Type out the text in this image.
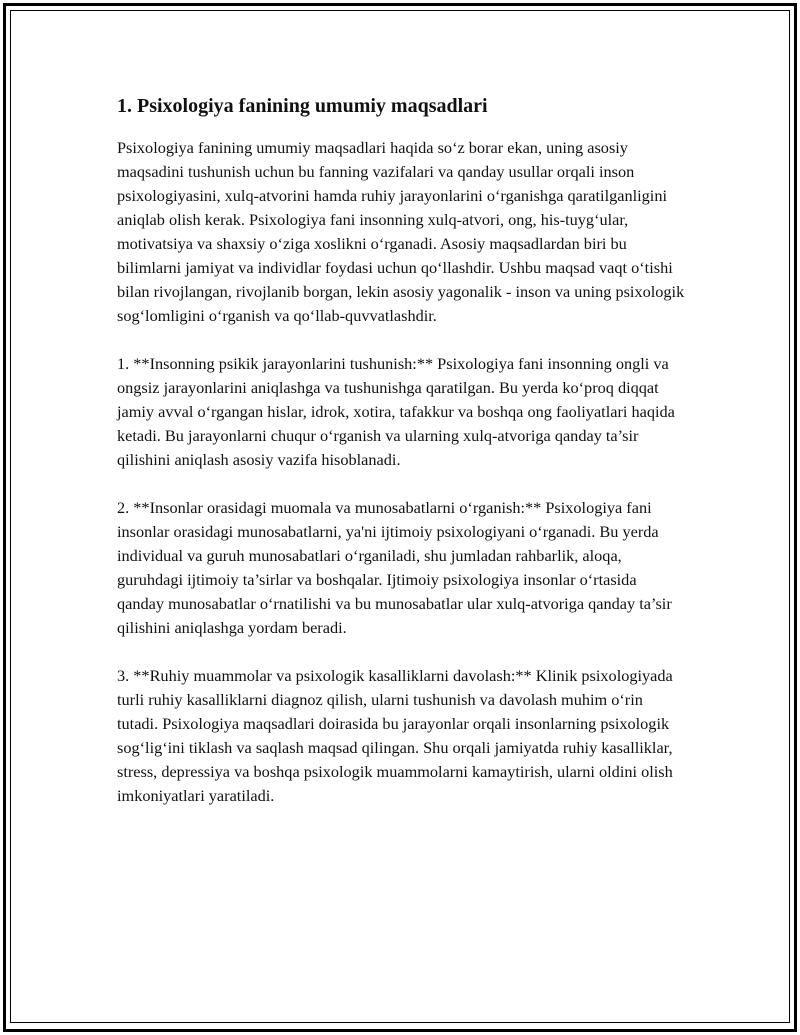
1. Psixologiya fanining umumiy maqsadlari

Psixologiya fanining umumiy maqsadlari haqida so‘z borar ekan, uning asosiy maqsadini tushunish uchun bu fanning vazifalari va qanday usullar orqali inson psixologiyasini, xulq-atvorini hamda ruhiy jarayonlarini o‘rganishga qaratilganligini aniqlab olish kerak. Psixologiya fani insonning xulq-atvori, ong, his-tuyg‘ular, motivatsiya va shaxsiy o‘ziga xoslikni o‘rganadi. Asosiy maqsadlardan biri bu bilimlarni jamiyat va individlar foydasi uchun qo‘llashdir. Ushbu maqsad vaqt o‘tishi bilan rivojlangan, rivojlanib borgan, lekin asosiy yagonalik - inson va uning psixologik sog‘lomligini o‘rganish va qo‘llab-quvvatlashdir.

1. **Insonning psikik jarayonlarini tushunish:** Psixologiya fani insonning ongli va ongsiz jarayonlarini aniqlashga va tushunishga qaratilgan. Bu yerda ko‘proq diqqat jamiy avval o‘rgangan hislar, idrok, xotira, tafakkur va boshqa ong faoliyatlari haqida ketadi. Bu jarayonlarni chuqur o‘rganish va ularning xulq-atvoriga qanday ta’sir qilishini aniqlash asosiy vazifa hisoblanadi.

2. **Insonlar orasidagi muomala va munosabatlarni o‘rganish:** Psixologiya fani insonlar orasidagi munosabatlarni, ya'ni ijtimoiy psixologiyani o‘rganadi. Bu yerda individual va guruh munosabatlari o‘rganiladi, shu jumladan rahbarlik, aloqa, guruhdagi ijtimoiy ta’sirlar va boshqalar. Ijtimoiy psixologiya insonlar o‘rtasida qanday munosabatlar o‘rnatilishi va bu munosabatlar ular xulq-atvoriga qanday ta’sir qilishini aniqlashga yordam beradi.

3. **Ruhiy muammolar va psixologik kasalliklarni davolash:** Klinik psixologiyada turli ruhiy kasalliklarni diagnoz qilish, ularni tushunish va davolash muhim o‘rin tutadi. Psixologiya maqsadlari doirasida bu jarayonlar orqali insonlarning psixologik sog‘lig‘ini tiklash va saqlash maqsad qilingan. Shu orqali jamiyatda ruhiy kasalliklar, stress, depressiya va boshqa psixologik muammolarni kamaytirish, ularni oldini olish imkoniyatlari yaratiladi.
